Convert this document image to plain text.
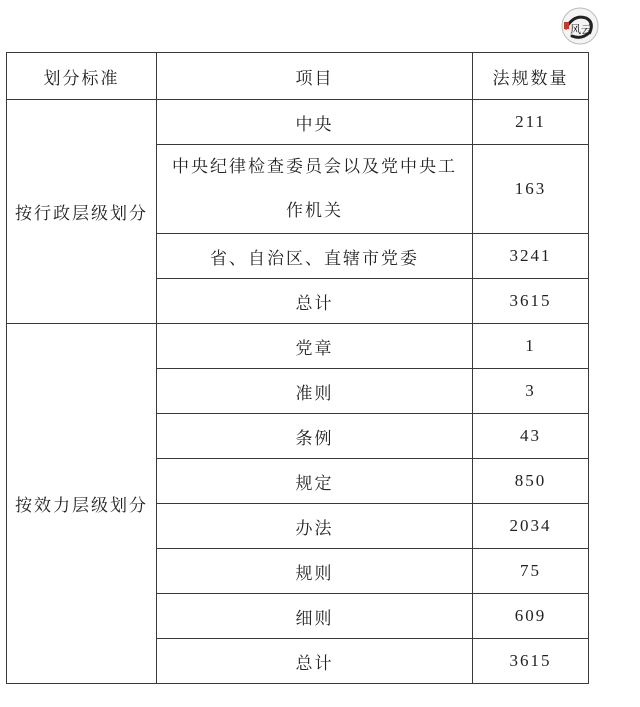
风云
划分标准	项目	法规数量
按行政层级划分	中央	211
	中央纪律检查委员会以及党中央工作机关	163
	省、自治区、直辖市党委	3241
	总计	3615
按效力层级划分	党章	1
	准则	3
	条例	43
	规定	850
	办法	2034
	规则	75
	细则	609
	总计	3615
